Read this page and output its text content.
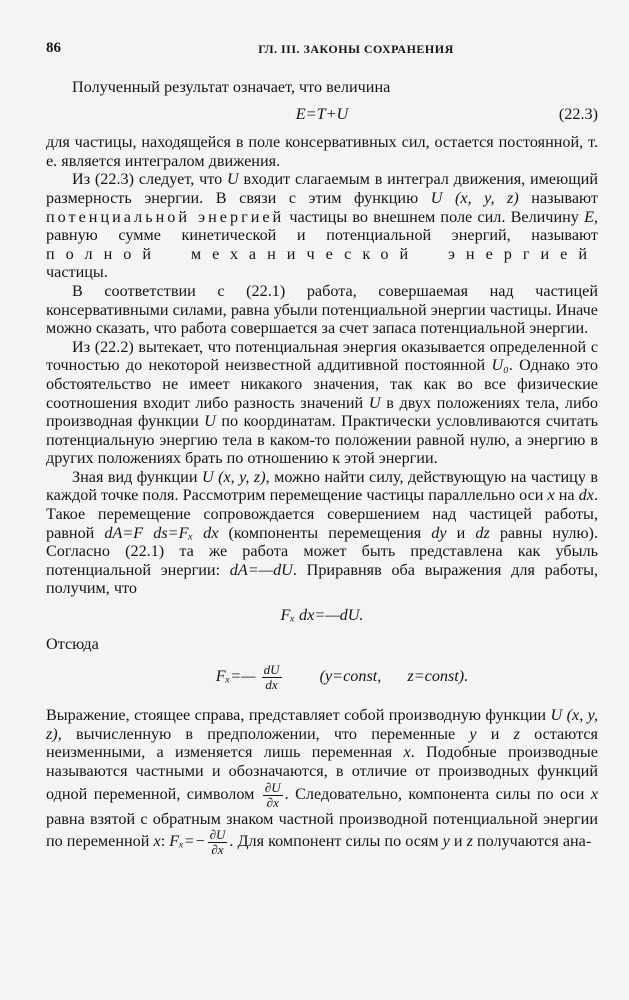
86	ГЛ. III. ЗАКОНЫ СОХРАНЕНИЯ

Полученный результат означает, что величина

E=T+U	(22.3)

для частицы, находящейся в поле консервативных сил, остается постоянной, т. е. является интегралом движения.

Из (22.3) следует, что U входит слагаемым в интеграл движения, имеющий размерность энергии. В связи с этим функцию U (x, y, z) называют потенциальной энергией частицы во внешнем поле сил. Величину E, равную сумме кинетической и потенциальной энергий, называют полной механической энергией частицы.

В соответствии с (22.1) работа, совершаемая над частицей консервативными силами, равна убыли потенциальной энергии частицы. Иначе можно сказать, что работа совершается за счет запаса потенциальной энергии.

Из (22.2) вытекает, что потенциальная энергия оказывается определенной с точностью до некоторой неизвестной аддитивной постоянной U₀. Однако это обстоятельство не имеет никакого значения, так как во все физические соотношения входит либо разность значений U в двух положениях тела, либо производная функции U по координатам. Практически условливаются считать потенциальную энергию тела в каком-то положении равной нулю, а энергию в других положениях брать по отношению к этой энергии.

Зная вид функции U (x, y, z), можно найти силу, действующую на частицу в каждой точке поля. Рассмотрим перемещение частицы параллельно оси x на dx. Такое перемещение сопровождается совершением над частицей работы, равной dA=F ds=Fₓ dx (компоненты перемещения dy и dz равны нулю). Согласно (22.1) та же работа может быть представлена как убыль потенциальной энергии: dA=—dU. Приравняв оба выражения для работы, получим, что

Fₓ dx=—dU.

Отсюда

Fₓ=— $\frac{dU}{dx}$ (y=const, z=const).

Выражение, стоящее справа, представляет собой производную функции U (x, y, z), вычисленную в предположении, что переменные y и z остаются неизменными, а изменяется лишь переменная x. Подобные производные называются частными и обозначаются, в отличие от производных функций одной переменной, символом $\frac{\partial U}{\partial x}$ . Следовательно, компонента силы по оси x равна взятой с обратным знаком частной производной потенциальной энергии по переменной x: $F_x=- \frac{\partial U}{\partial x}$ . Для компонент силы по осям y и z получаются ана-
